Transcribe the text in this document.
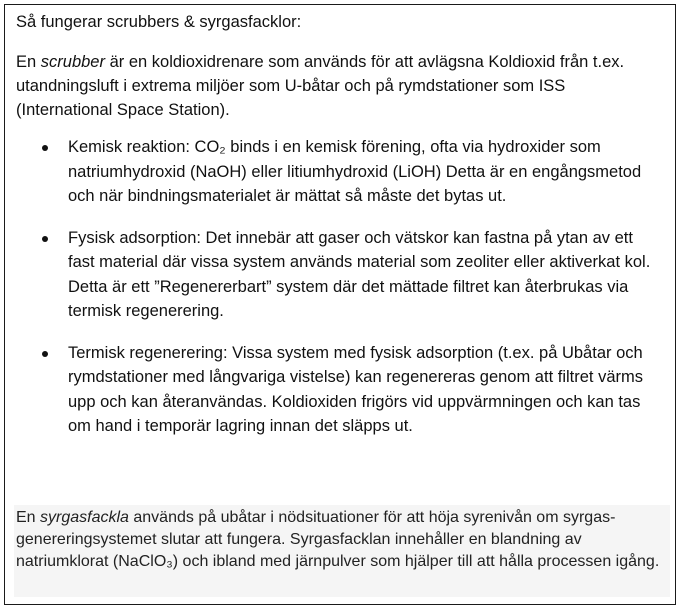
Så fungerar scrubbers & syrgasfacklor:

En scrubber är en koldioxidrenare som används för att avlägsna Koldioxid från t.ex. utandningsluft i extrema miljöer som U-båtar och på rymdstationer som ISS (International Space Station).

Kemisk reaktion: CO₂ binds i en kemisk förening, ofta via hydroxider som natriumhydroxid (NaOH) eller litiumhydroxid (LiOH) Detta är en engångsmetod och när bindningsmaterialet är mättat så måste det bytas ut.
Fysisk adsorption: Det innebär att gaser och vätskor kan fastna på ytan av ett fast material där vissa system används material som zeoliter eller aktiverkat kol. Detta är ett ”Regenererbart” system där det mättade filtret kan återbrukas via termisk regenerering.
Termisk regenerering: Vissa system med fysisk adsorption (t.ex. på Ubåtar och rymdstationer med långvariga vistelse) kan regenereras genom att filtret värms upp och kan återanvändas. Koldioxiden frigörs vid uppvärmningen och kan tas om hand i temporär lagring innan det släpps ut.

En syrgasfackla används på ubåtar i nödsituationer för att höja syrenivån om syrgas-genereringsystemet slutar att fungera. Syrgasfacklan innehåller en blandning av natriumklorat (NaClO₃) och ibland med järnpulver som hjälper till att hålla processen igång.
